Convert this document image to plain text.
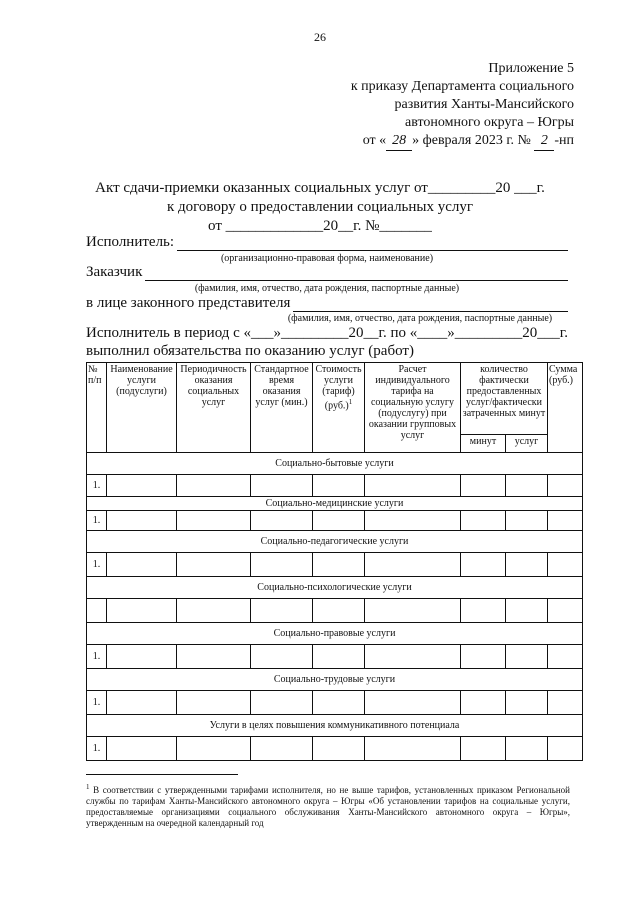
26
Приложение 5
к приказу Департамента социального
развития Ханты-Мансийского
автономного округа – Югры
от « 28 » февраля 2023 г. № 2 -нп
Акт сдачи-приемки оказанных социальных услуг от_________20 ___г.
к договору о предоставлении социальных услуг
от _____________20__г. №_______
Исполнитель:
(организационно-правовая форма, наименование)
Заказчик
(фамилия, имя, отчество, дата рождения, паспортные данные)
в лице законного представителя
(фамилия, имя, отчество, дата рождения, паспортные данные)
Исполнитель в период с «___»_________20__г. по «____»_________20___г.
выполнил обязательства по оказанию услуг (работ)
№ п/п	Наименование услуги (подуслуги)	Периодичность оказания социальных услуг	Стандартное время оказания услуг (мин.)	Стоимость услуги (тариф) $(руб.)^1$	Расчет индивидуального тарифа на социальную услугу (подуслугу) при оказании групповых услуг	количество фактически предоставленных услуг/фактически затраченных минут		Сумма (руб.)
						минут	услуг	
Социально-бытовые услуги								
1.								
Социально-медицинские услуги								
1.								
Социально-педагогические услуги								
1.								
Социально-психологические услуги								

Социально-правовые услуги								
1.								
Социально-трудовые услуги								
1.								
Услуги в целях повышения коммуникативного потенциала								
1.								
$^1$ В соответствии с утвержденными тарифами исполнителя, но не выше тарифов, установленных приказом Региональной службы по тарифам Ханты-Мансийского автономного округа – Югры «Об установлении тарифов на социальные услуги, предоставляемые организациями социального обслуживания Ханты-Мансийского автономного округа – Югры», утвержденным на очередной календарный год
